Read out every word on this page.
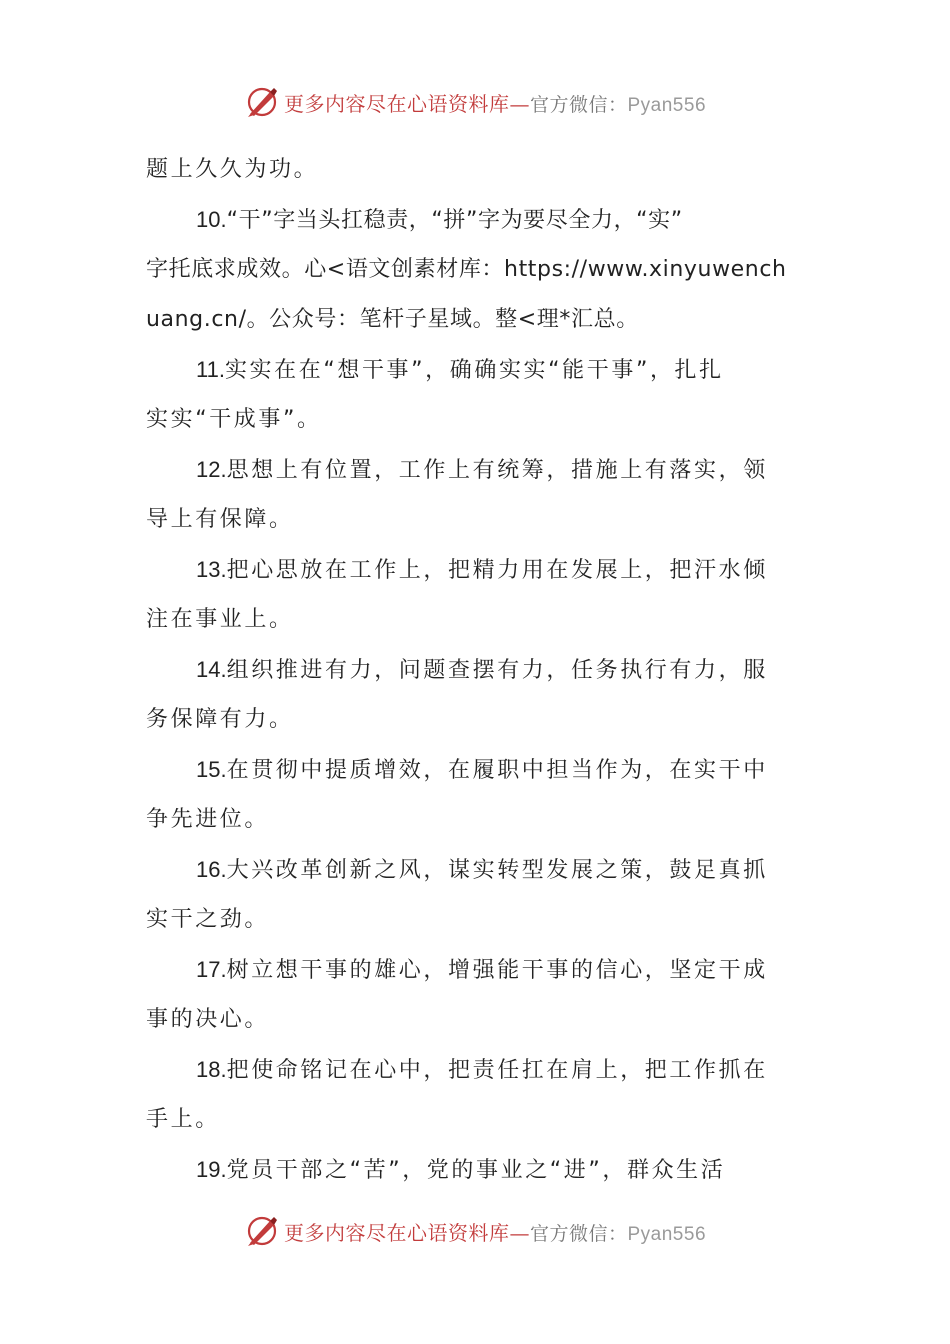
更多内容尽在心语资料库—官方微信：Pyan556
题上久久为功。
10.“干”字当头扛稳责，“拼”字为要尽全力，“实”
字托底求成效。心<语文创素材库：https://www.xinyuwench
uang.cn/。公众号：笔杆子星域。整<理*汇总。
11.实实在在“想干事”，确确实实“能干事”，扎扎
实实“干成事”。
12.思想上有位置，工作上有统筹，措施上有落实，领
导上有保障。
13.把心思放在工作上，把精力用在发展上，把汗水倾
注在事业上。
14.组织推进有力，问题查摆有力，任务执行有力，服
务保障有力。
15.在贯彻中提质增效，在履职中担当作为，在实干中
争先进位。
16.大兴改革创新之风，谋实转型发展之策，鼓足真抓
实干之劲。
17.树立想干事的雄心，增强能干事的信心，坚定干成
事的决心。
18.把使命铭记在心中，把责任扛在肩上，把工作抓在
手上。
19.党员干部之“苦”，党的事业之“进”，群众生活
更多内容尽在心语资料库—官方微信：Pyan556
